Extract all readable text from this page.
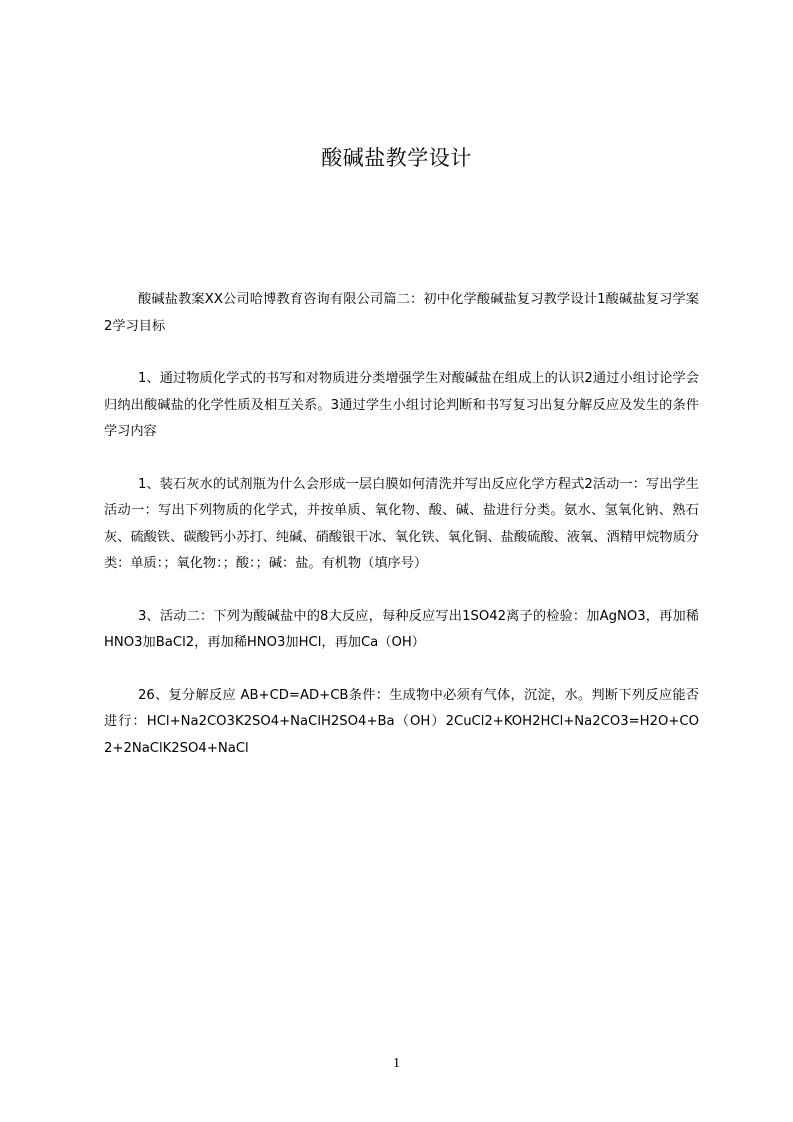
酸碱盐教学设计

酸碱盐教案XX公司哈博教育咨询有限公司篇二：初中化学酸碱盐复习教学设计1酸碱盐复习学案2学习目标

1、通过物质化学式的书写和对物质进分类增强学生对酸碱盐在组成上的认识2通过小组讨论学会归纳出酸碱盐的化学性质及相互关系。3通过学生小组讨论判断和书写复习出复分解反应及发生的条件学习内容

1、装石灰水的试剂瓶为什么会形成一层白膜如何清洗并写出反应化学方程式2活动一：写出学生活动一：写出下列物质的化学式，并按单质、氧化物、酸、碱、盐进行分类。氨水、氢氧化钠、熟石灰、硫酸铁、碳酸钙小苏打、纯碱、硝酸银干冰、氧化铁、氧化铜、盐酸硫酸、液氧、酒精甲烷物质分类：单质：；氧化物：；酸：；碱：盐。有机物（填序号）

3、活动二：下列为酸碱盐中的8大反应，每种反应写出1SO42离子的检验：加AgNO3，再加稀HNO3加BaCl2，再加稀HNO3加HCl，再加Ca（OH）

26、复分解反应 AB+CD=AD+CB条件：生成物中必须有气体，沉淀，水。判断下列反应能否进行：HCl+Na2CO3K2SO4+NaClH2SO4+Ba（OH）2CuCl2+KOH2HCl+Na2CO3=H2O+CO2+2NaClK2SO4+NaCl

1
